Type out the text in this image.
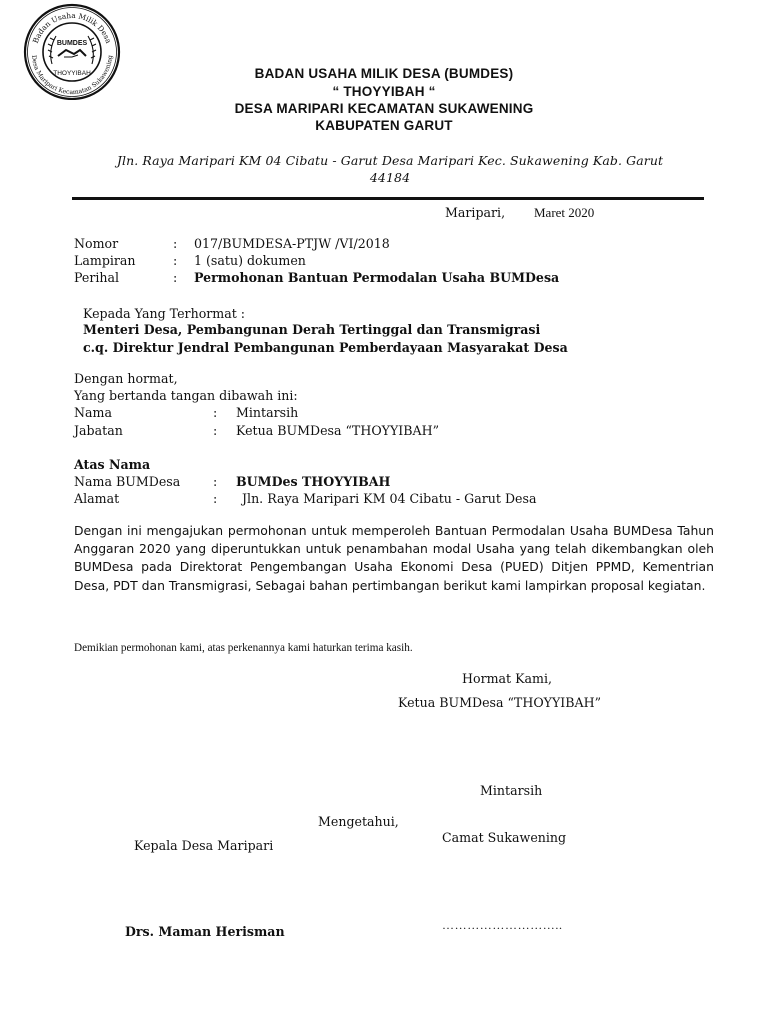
Badan Usaha Milik Desa
Desa Maripari Kecamatan Sukawening
BUMDES
THOYYIBAH	BADAN USAHA MILIK DESA (BUMDES)
“ THOYYIBAH “
DESA MARIPARI KECAMATAN SUKAWENING
KABUPATEN GARUT
Jln. Raya Maripari KM 04 Cibatu - Garut Desa Maripari Kec. Sukawening Kab. Garut
44184
Maripari, Maret 2020
Nomor	: 017/BUMDESA-PTJW /VI/2018
Lampiran	: 1 (satu) dokumen
Perihal	: Permohonan Bantuan Permodalan Usaha BUMDesa
Kepada Yang Terhormat :
Menteri Desa, Pembangunan Derah Tertinggal dan Transmigrasi
c.q. Direktur Jendral Pembangunan Pemberdayaan Masyarakat Desa
Dengan hormat,
Yang bertanda tangan dibawah ini:
Nama	: Mintarsih
Jabatan	: Ketua BUMDesa “THOYYIBAH”
Atas Nama
Nama BUMDesa	: BUMDes THOYYIBAH
Alamat	: Jln. Raya Maripari KM 04 Cibatu - Garut Desa
Dengan ini mengajukan permohonan untuk memperoleh Bantuan Permodalan Usaha BUMDesa Tahun Anggaran 2020 yang diperuntukkan untuk penambahan modal Usaha yang telah dikembangkan oleh BUMDesa pada Direktorat Pengembangan Usaha Ekonomi Desa (PUED) Ditjen PPMD, Kementrian Desa, PDT dan Transmigrasi, Sebagai bahan pertimbangan berikut kami lampirkan proposal kegiatan.
Demikian permohonan kami, atas perkenannya kami haturkan terima kasih.
Hormat Kami,
Ketua BUMDesa “THOYYIBAH”
Mintarsih
Mengetahui,
Kepala Desa Maripari
Camat Sukawening
Drs. Maman Herisman	………………………..
